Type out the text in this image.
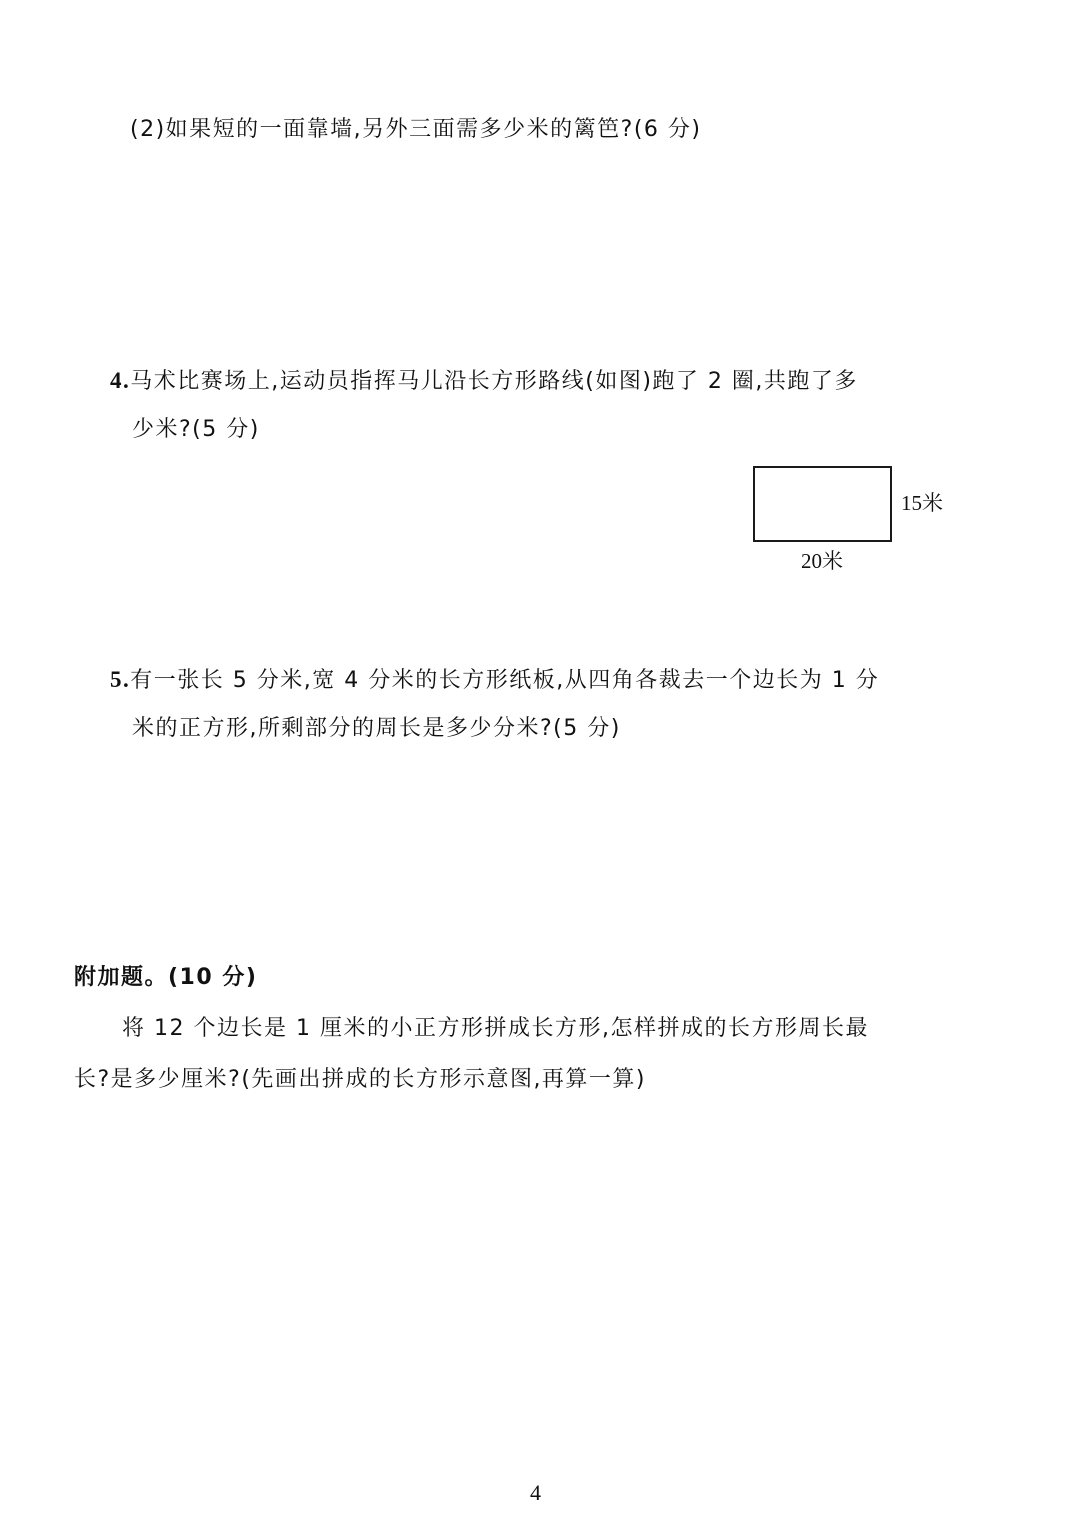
(2)如果短的一面靠墙,另外三面需多少米的篱笆?(6 分)
4.马术比赛场上,运动员指挥马儿沿长方形路线(如图)跑了 2 圈,共跑了多
少米?(5 分)
15米
20米
5.有一张长 5 分米,宽 4 分米的长方形纸板,从四角各裁去一个边长为 1 分
米的正方形,所剩部分的周长是多少分米?(5 分)
附加题。(10 分)
将 12 个边长是 1 厘米的小正方形拼成长方形,怎样拼成的长方形周长最
长?是多少厘米?(先画出拼成的长方形示意图,再算一算)
4
